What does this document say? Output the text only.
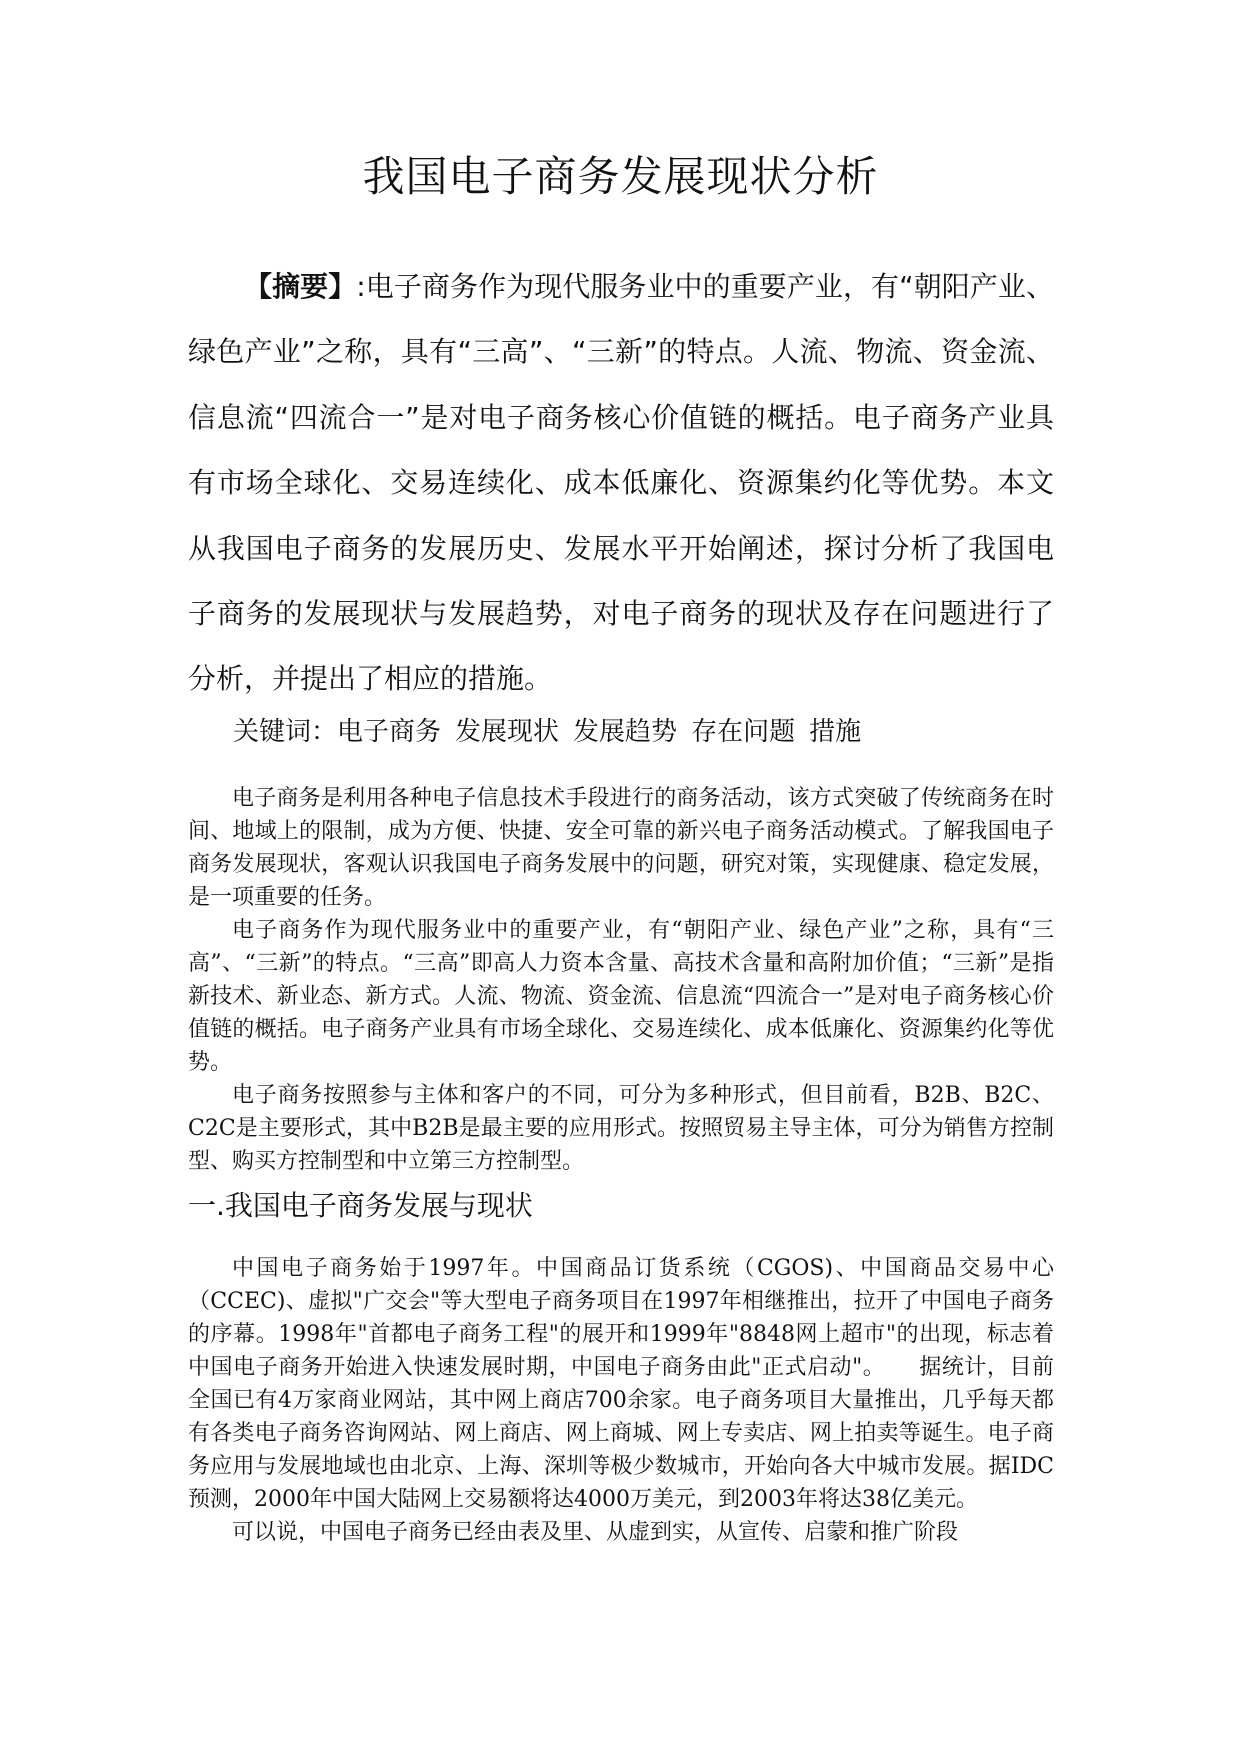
我国电子商务发展现状分析

【摘要】:电子商务作为现代服务业中的重要产业，有“朝阳产业、绿色产业”之称，具有“三高”、“三新”的特点。人流、物流、资金流、信息流“四流合一”是对电子商务核心价值链的概括。电子商务产业具有市场全球化、交易连续化、成本低廉化、资源集约化等优势。本文从我国电子商务的发展历史、发展水平开始阐述，探讨分析了我国电子商务的发展现状与发展趋势，对电子商务的现状及存在问题进行了分析，并提出了相应的措施。

关键词：电子商务 发展现状 发展趋势 存在问题 措施

电子商务是利用各种电子信息技术手段进行的商务活动，该方式突破了传统商务在时间、地域上的限制，成为方便、快捷、安全可靠的新兴电子商务活动模式。了解我国电子商务发展现状，客观认识我国电子商务发展中的问题，研究对策，实现健康、稳定发展，是一项重要的任务。

电子商务作为现代服务业中的重要产业，有“朝阳产业、绿色产业”之称，具有“三高”、“三新”的特点。“三高”即高人力资本含量、高技术含量和高附加价值；“三新”是指新技术、新业态、新方式。人流、物流、资金流、信息流“四流合一”是对电子商务核心价值链的概括。电子商务产业具有市场全球化、交易连续化、成本低廉化、资源集约化等优势。

电子商务按照参与主体和客户的不同，可分为多种形式，但目前看，B2B、B2C、C2C是主要形式，其中B2B是最主要的应用形式。按照贸易主导主体，可分为销售方控制型、购买方控制型和中立第三方控制型。

一.我国电子商务发展与现状

中国电子商务始于1997年。中国商品订货系统（CGOS)、中国商品交易中心（CCEC)、虚拟"广交会"等大型电子商务项目在1997年相继推出，拉开了中国电子商务的序幕。1998年"首都电子商务工程"的展开和1999年"8848网上超市"的出现，标志着中国电子商务开始进入快速发展时期，中国电子商务由此"正式启动"。　　据统计，目前全国已有4万家商业网站，其中网上商店700余家。电子商务项目大量推出，几乎每天都有各类电子商务咨询网站、网上商店、网上商城、网上专卖店、网上拍卖等诞生。电子商务应用与发展地域也由北京、上海、深圳等极少数城市，开始向各大中城市发展。据IDC预测，2000年中国大陆网上交易额将达4000万美元，到2003年将达38亿美元。

可以说，中国电子商务已经由表及里、从虚到实，从宣传、启蒙和推广阶段
